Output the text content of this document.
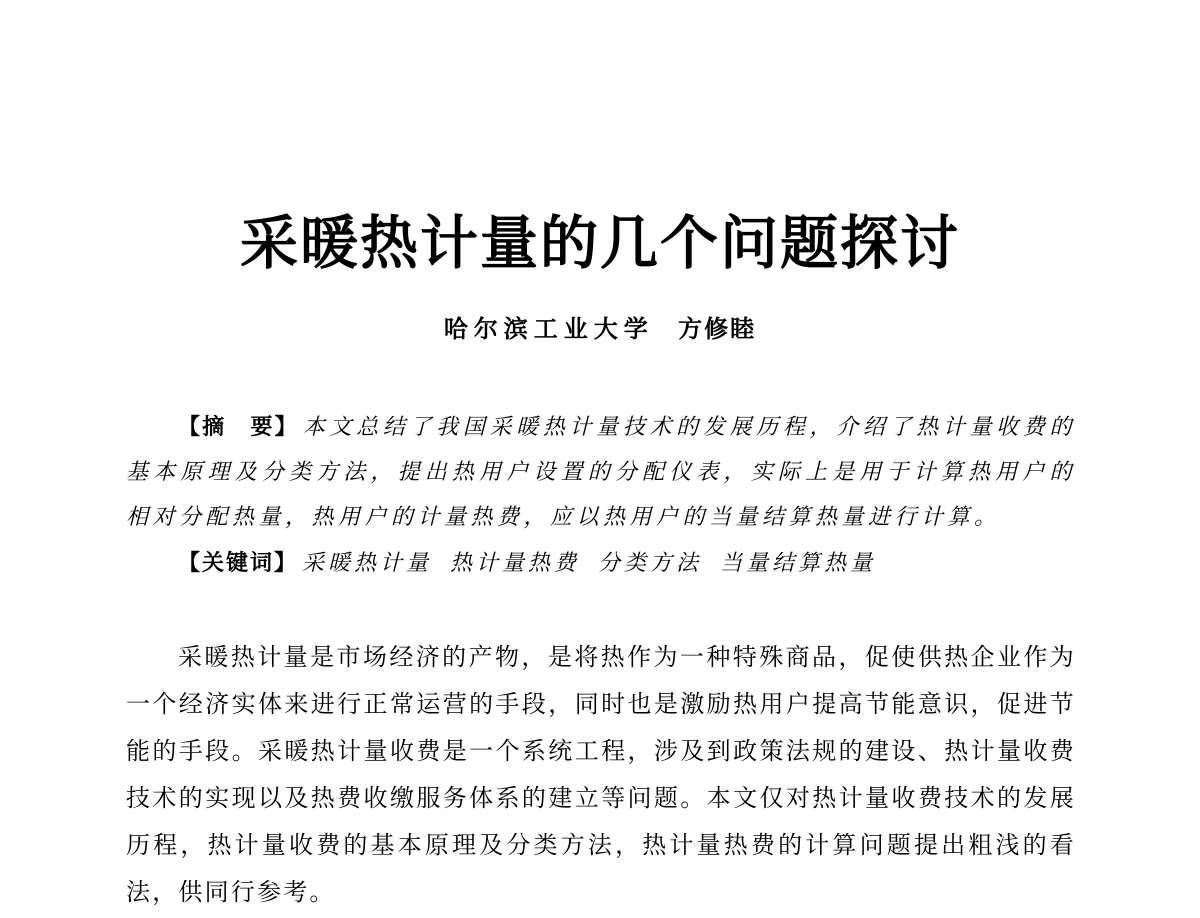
采暖热计量的几个问题探讨
哈尔滨工业大学 方修睦
【摘　要】 本文总结了我国采暖热计量技术的发展历程，介绍了热计量收费的基本原理及分类方法，提出热用户设置的分配仪表，实际上是用于计算热用户的相对分配热量，热用户的计量热费，应以热用户的当量结算热量进行计算。
【关键词】 采暖热计量 热计量热费 分类方法 当量结算热量
采暖热计量是市场经济的产物，是将热作为一种特殊商品，促使供热企业作为一个经济实体来进行正常运营的手段，同时也是激励热用户提高节能意识，促进节能的手段。采暖热计量收费是一个系统工程，涉及到政策法规的建设、热计量收费技术的实现以及热费收缴服务体系的建立等问题。本文仅对热计量收费技术的发展历程，热计量收费的基本原理及分类方法，热计量热费的计算问题提出粗浅的看法，供同行参考。
